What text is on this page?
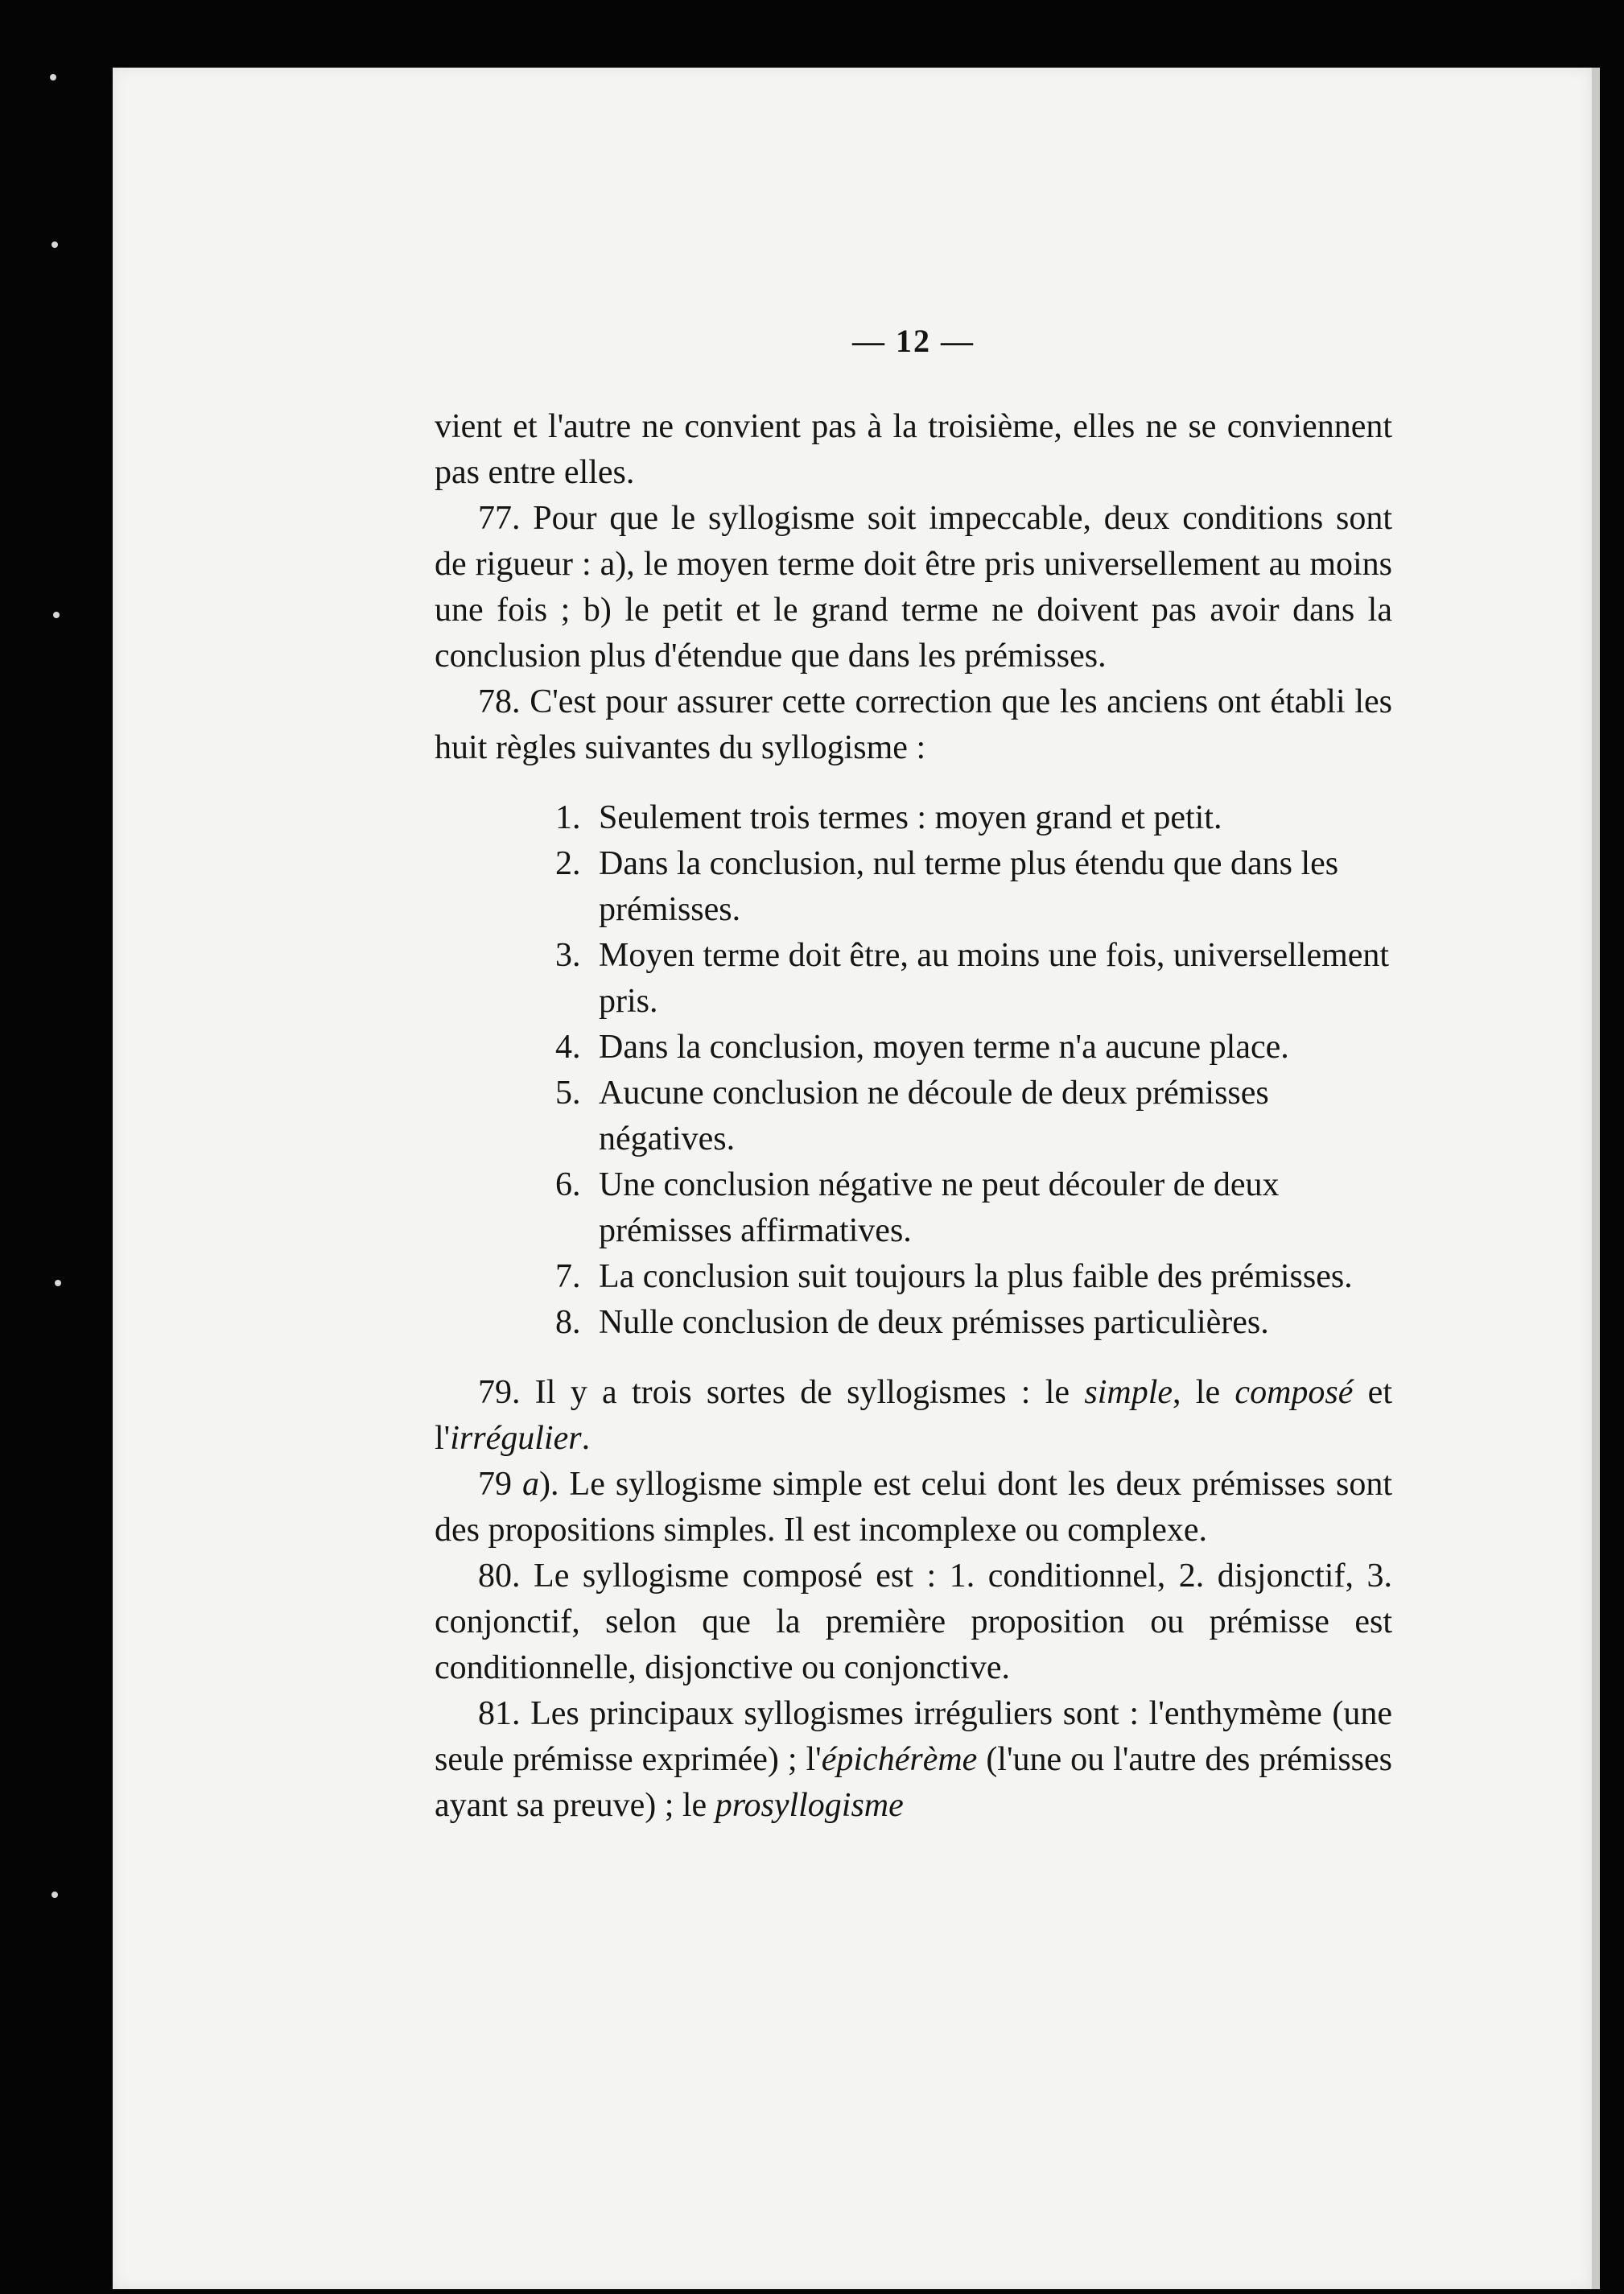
— 12 —

vient et l'autre ne convient pas à la troisième, elles ne se conviennent pas entre elles.

77. Pour que le syllogisme soit impeccable, deux conditions sont de rigueur : a), le moyen terme doit être pris universellement au moins une fois ; b) le petit et le grand terme ne doivent pas avoir dans la conclusion plus d'étendue que dans les prémisses.

78. C'est pour assurer cette correction que les anciens ont établi les huit règles suivantes du syllogisme :

1. Seulement trois termes : moyen grand et petit.
2. Dans la conclusion, nul terme plus étendu que dans les prémisses.
3. Moyen terme doit être, au moins une fois, universellement pris.
4. Dans la conclusion, moyen terme n'a aucune place.
5. Aucune conclusion ne découle de deux prémisses négatives.
6. Une conclusion négative ne peut découler de deux prémisses affirmatives.
7. La conclusion suit toujours la plus faible des prémisses.
8. Nulle conclusion de deux prémisses particulières.

79. Il y a trois sortes de syllogismes : le simple, le composé et l'irrégulier.

79 a). Le syllogisme simple est celui dont les deux prémisses sont des propositions simples. Il est incomplexe ou complexe.

80. Le syllogisme composé est : 1. conditionnel, 2. disjonctif, 3. conjonctif, selon que la première proposition ou prémisse est conditionnelle, disjonctive ou conjonctive.

81. Les principaux syllogismes irréguliers sont : l'enthymème (une seule prémisse exprimée) ; l'épichérème (l'une ou l'autre des prémisses ayant sa preuve) ; le prosyllogisme
